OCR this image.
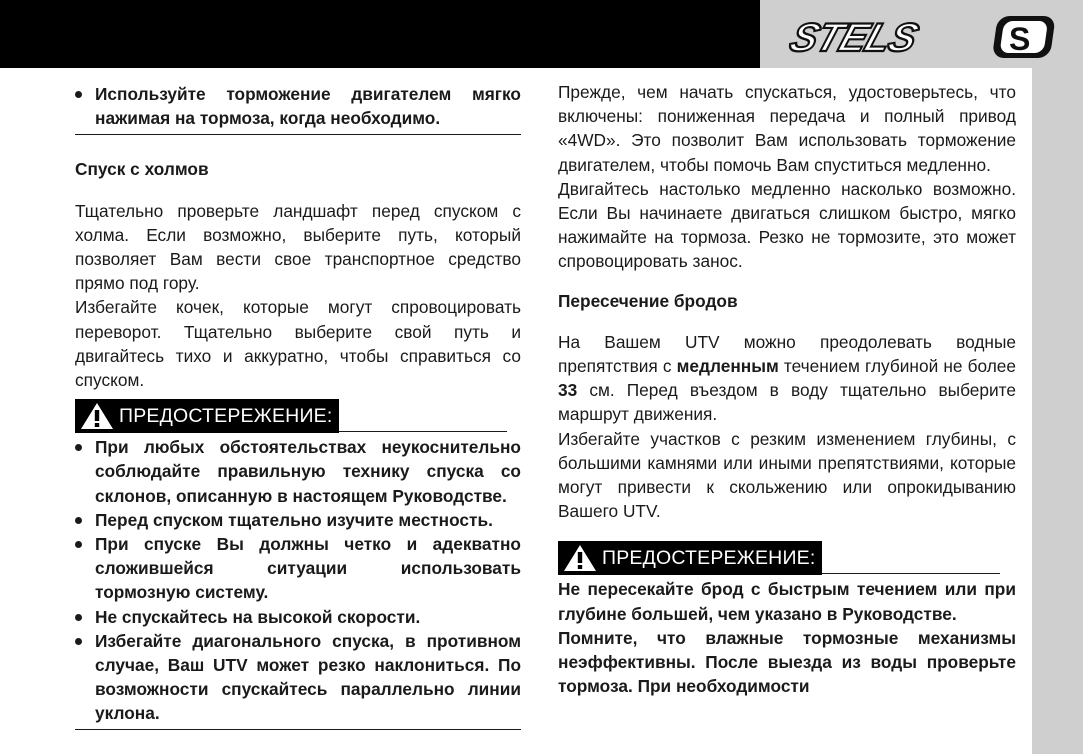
STELS	S
Используйте торможение двигателем мягко нажимая на тормоза, когда необходимо.
Спуск с холмов

Тщательно проверьте ландшафт перед спуском с холма. Если возможно, выберите путь, который позволяет Вам вести свое транспортное средство прямо под гору.

Избегайте кочек, которые могут спровоцировать переворот. Тщательно выберите свой путь и двигайтесь тихо и аккуратно, чтобы справиться со спуском.

ПРЕДОСТЕРЕЖЕНИЕ:
При любых обстоятельствах неукоснительно соблюдайте правильную технику спуска со склонов, описанную в настоящем Руководстве.
Перед спуском тщательно изучите местность.
При спуске Вы должны четко и адекватно сложившейся ситуации использовать тормозную систему.
Не спускайтесь на высокой скорости.
Избегайте диагонального спуска, в противном случае, Ваш UTV может резко наклониться. По возможности спускайтесь параллельно линии уклона.

Прежде, чем начать спускаться, удостоверьтесь, что включены: пониженная передача и полный привод «4WD». Это позволит Вам использовать торможение двигателем, чтобы помочь Вам спуститься медленно.

Двигайтесь настолько медленно насколько возможно. Если Вы начинаете двигаться слишком быстро, мягко нажимайте на тормоза. Резко не тормозите, это может спровоцировать занос.

Пересечение бродов

На Вашем UTV можно преодолевать водные препятствия с медленным течением глубиной не более 33 см. Перед въездом в воду тщательно выберите маршрут движения.

Избегайте участков с резким изменением глубины, с большими камнями или иными препятствиями, которые могут привести к скольжению или опрокидыванию Вашего UTV.

ПРЕДОСТЕРЕЖЕНИЕ:

Не пересекайте брод с быстрым течением или при глубине большей, чем указано в Руководстве.

Помните, что влажные тормозные механизмы неэффективны. После выезда из воды проверьте тормоза. При необходимости
